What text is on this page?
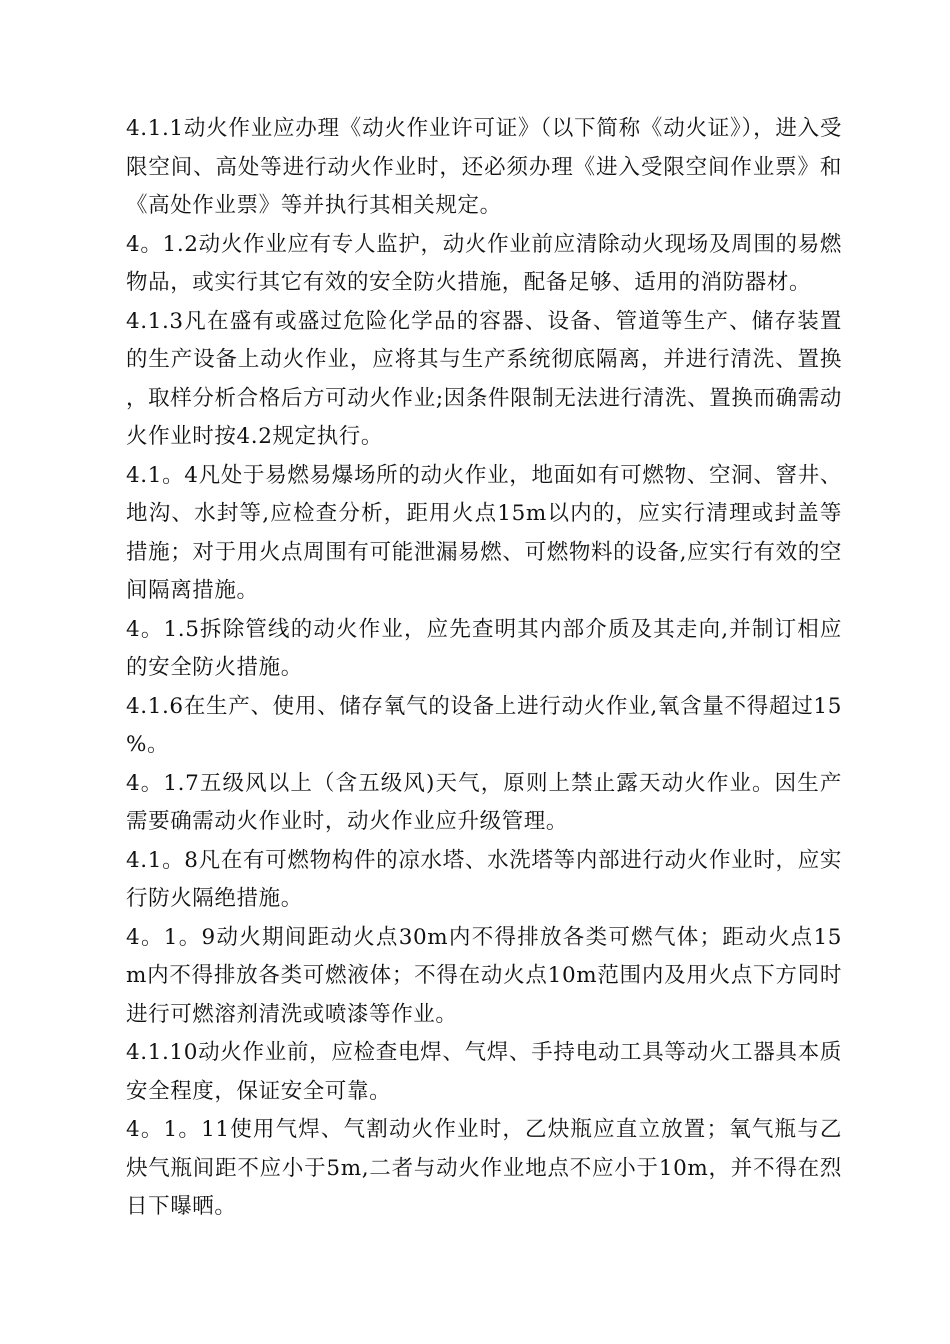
4.1.1动火作业应办理《动火作业许可证》（以下简称《动火证》），进入受限空间、高处等进行动火作业时，还必须办理《进入受限空间作业票》和《高处作业票》等并执行其相关规定。

4。1.2动火作业应有专人监护，动火作业前应清除动火现场及周围的易燃物品，或实行其它有效的安全防火措施，配备足够、适用的消防器材。

4.1.3凡在盛有或盛过危险化学品的容器、设备、管道等生产、储存装置的生产设备上动火作业，应将其与生产系统彻底隔离，并进行清洗、置换，取样分析合格后方可动火作业;因条件限制无法进行清洗、置换而确需动火作业时按4.2规定执行。

4.1。4凡处于易燃易爆场所的动火作业，地面如有可燃物、空洞、窨井、地沟、水封等,应检查分析，距用火点15m以内的，应实行清理或封盖等措施；对于用火点周围有可能泄漏易燃、可燃物料的设备,应实行有效的空间隔离措施。

4。1.5拆除管线的动火作业，应先查明其内部介质及其走向,并制订相应的安全防火措施。

4.1.6在生产、使用、储存氧气的设备上进行动火作业,氧含量不得超过15%。

4。1.7五级风以上（含五级风)天气，原则上禁止露天动火作业。因生产需要确需动火作业时，动火作业应升级管理。

4.1。8凡在有可燃物构件的凉水塔、水洗塔等内部进行动火作业时，应实行防火隔绝措施。

4。1。9动火期间距动火点30m内不得排放各类可燃气体；距动火点15m内不得排放各类可燃液体；不得在动火点10m范围内及用火点下方同时进行可燃溶剂清洗或喷漆等作业。

4.1.10动火作业前，应检查电焊、气焊、手持电动工具等动火工器具本质安全程度，保证安全可靠。

4。1。11使用气焊、气割动火作业时，乙炔瓶应直立放置；氧气瓶与乙炔气瓶间距不应小于5m,二者与动火作业地点不应小于10m，并不得在烈日下曝晒。
